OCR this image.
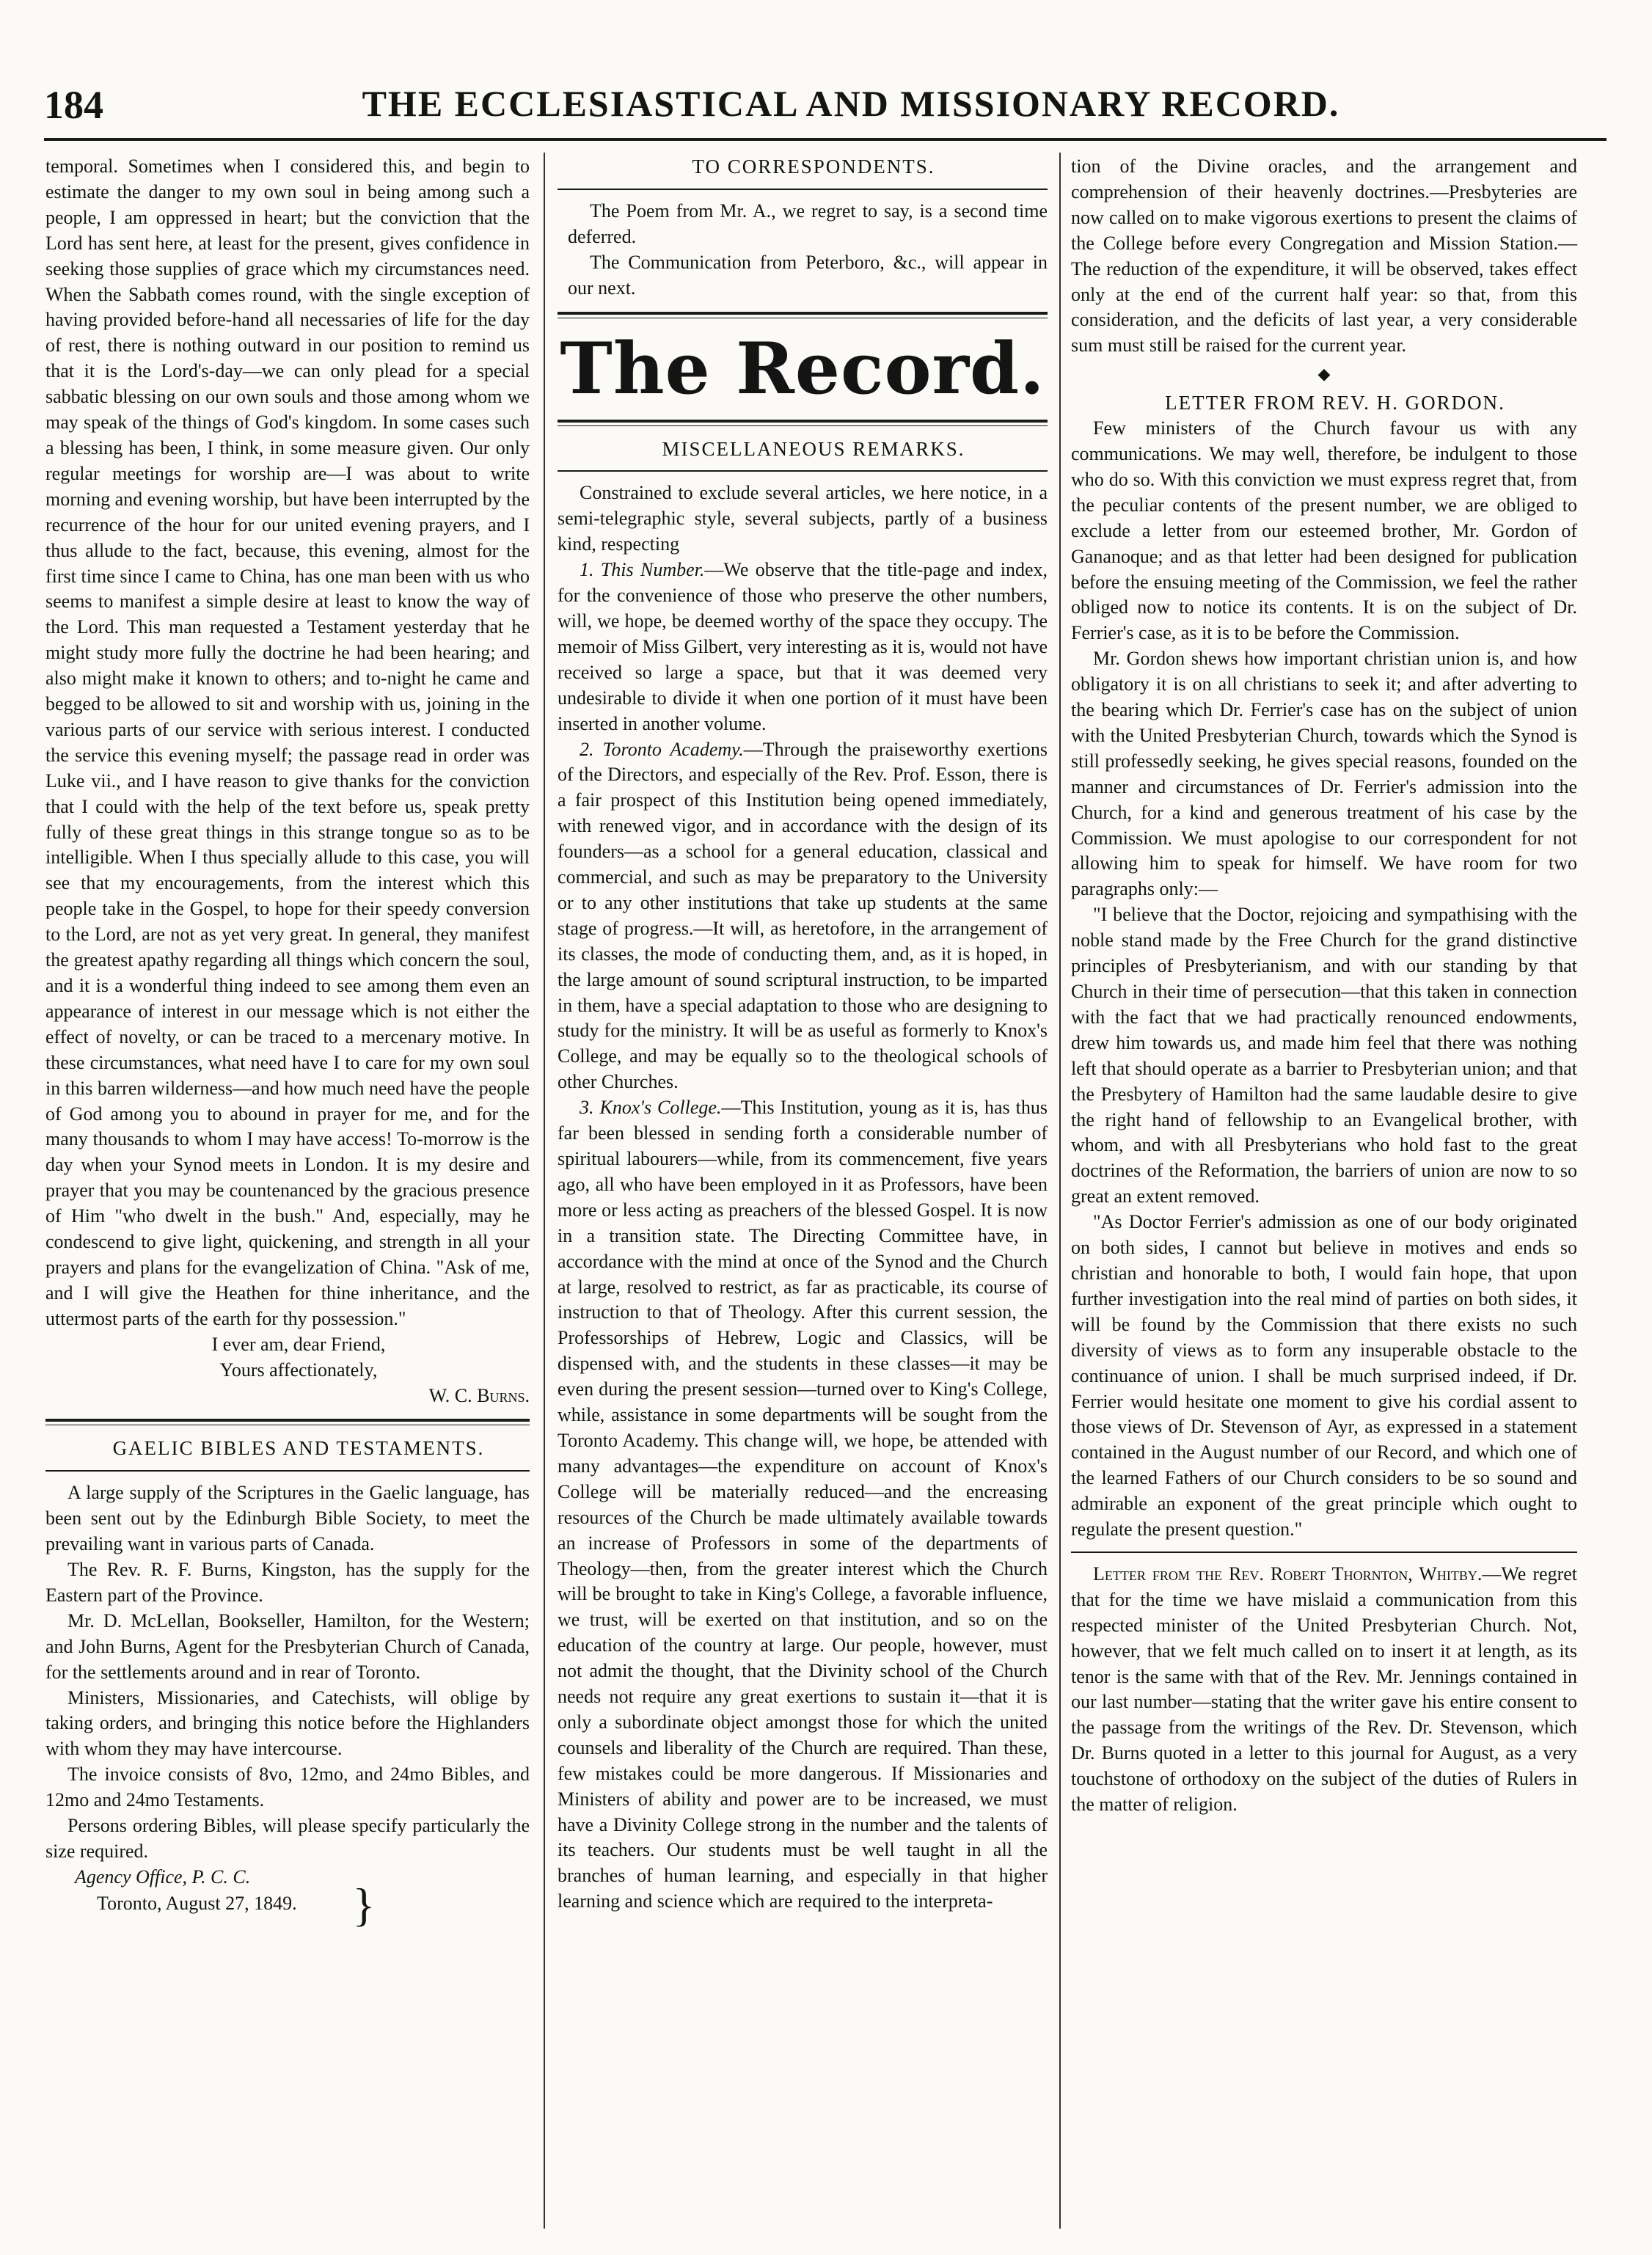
184	THE ECCLESIASTICAL AND MISSIONARY RECORD.

temporal. Sometimes when I considered this, and begin to estimate the danger to my own soul in being among such a people, I am oppressed in heart; but the conviction that the Lord has sent here, at least for the present, gives confidence in seeking those supplies of grace which my circumstances need. When the Sabbath comes round, with the single exception of having provided before-hand all necessaries of life for the day of rest, there is nothing outward in our position to remind us that it is the Lord's-day—we can only plead for a special sabbatic blessing on our own souls and those among whom we may speak of the things of God's kingdom. In some cases such a blessing has been, I think, in some measure given. Our only regular meetings for worship are—I was about to write morning and evening worship, but have been interrupted by the recurrence of the hour for our united evening prayers, and I thus allude to the fact, because, this evening, almost for the first time since I came to China, has one man been with us who seems to manifest a simple desire at least to know the way of the Lord. This man requested a Testament yesterday that he might study more fully the doctrine he had been hearing; and also might make it known to others; and to-night he came and begged to be allowed to sit and worship with us, joining in the various parts of our service with serious interest. I conducted the service this evening myself; the passage read in order was Luke vii., and I have reason to give thanks for the conviction that I could with the help of the text before us, speak pretty fully of these great things in this strange tongue so as to be intelligible. When I thus specially allude to this case, you will see that my encouragements, from the interest which this people take in the Gospel, to hope for their speedy conversion to the Lord, are not as yet very great. In general, they manifest the greatest apathy regarding all things which concern the soul, and it is a wonderful thing indeed to see among them even an appearance of interest in our message which is not either the effect of novelty, or can be traced to a mercenary motive. In these circumstances, what need have I to care for my own soul in this barren wilderness—and how much need have the people of God among you to abound in prayer for me, and for the many thousands to whom I may have access! To-morrow is the day when your Synod meets in London. It is my desire and prayer that you may be countenanced by the gracious presence of Him "who dwelt in the bush." And, especially, may he condescend to give light, quickening, and strength in all your prayers and plans for the evangelization of China. "Ask of me, and I will give the Heathen for thine inheritance, and the uttermost parts of the earth for thy possession."

I ever am, dear Friend,

Yours affectionately,

W. C. Burns.

GAELIC BIBLES AND TESTAMENTS.

A large supply of the Scriptures in the Gaelic language, has been sent out by the Edinburgh Bible Society, to meet the prevailing want in various parts of Canada.

The Rev. R. F. Burns, Kingston, has the supply for the Eastern part of the Province.

Mr. D. McLellan, Bookseller, Hamilton, for the Western; and John Burns, Agent for the Presbyterian Church of Canada, for the settlements around and in rear of Toronto.

Ministers, Missionaries, and Catechists, will oblige by taking orders, and bringing this notice before the Highlanders with whom they may have intercourse.

The invoice consists of 8vo, 12mo, and 24mo Bibles, and 12mo and 24mo Testaments.

Persons ordering Bibles, will please specify particularly the size required.

Agency Office, P. C. C.

Toronto, August 27, 1849. }

TO CORRESPONDENTS.

The Poem from Mr. A., we regret to say, is a second time deferred.

The Communication from Peterboro, &c., will appear in our next.

The Record.

MISCELLANEOUS REMARKS.

Constrained to exclude several articles, we here notice, in a semi-telegraphic style, several subjects, partly of a business kind, respecting

1. This Number.—We observe that the title-page and index, for the convenience of those who preserve the other numbers, will, we hope, be deemed worthy of the space they occupy. The memoir of Miss Gilbert, very interesting as it is, would not have received so large a space, but that it was deemed very undesirable to divide it when one portion of it must have been inserted in another volume.

2. Toronto Academy.—Through the praiseworthy exertions of the Directors, and especially of the Rev. Prof. Esson, there is a fair prospect of this Institution being opened immediately, with renewed vigor, and in accordance with the design of its founders—as a school for a general education, classical and commercial, and such as may be preparatory to the University or to any other institutions that take up students at the same stage of progress.—It will, as heretofore, in the arrangement of its classes, the mode of conducting them, and, as it is hoped, in the large amount of sound scriptural instruction, to be imparted in them, have a special adaptation to those who are designing to study for the ministry. It will be as useful as formerly to Knox's College, and may be equally so to the theological schools of other Churches.

3. Knox's College.—This Institution, young as it is, has thus far been blessed in sending forth a considerable number of spiritual labourers—while, from its commencement, five years ago, all who have been employed in it as Professors, have been more or less acting as preachers of the blessed Gospel. It is now in a transition state. The Directing Committee have, in accordance with the mind at once of the Synod and the Church at large, resolved to restrict, as far as practicable, its course of instruction to that of Theology. After this current session, the Professorships of Hebrew, Logic and Classics, will be dispensed with, and the students in these classes—it may be even during the present session—turned over to King's College, while, assistance in some departments will be sought from the Toronto Academy. This change will, we hope, be attended with many advantages—the expenditure on account of Knox's College will be materially reduced—and the encreasing resources of the Church be made ultimately available towards an increase of Professors in some of the departments of Theology—then, from the greater interest which the Church will be brought to take in King's College, a favorable influence, we trust, will be exerted on that institution, and so on the education of the country at large. Our people, however, must not admit the thought, that the Divinity school of the Church needs not require any great exertions to sustain it—that it is only a subordinate object amongst those for which the united counsels and liberality of the Church are required. Than these, few mistakes could be more dangerous. If Missionaries and Ministers of ability and power are to be increased, we must have a Divinity College strong in the number and the talents of its teachers. Our students must be well taught in all the branches of human learning, and especially in that higher learning and science which are required to the interpreta-

tion of the Divine oracles, and the arrangement and comprehension of their heavenly doctrines.—Presbyteries are now called on to make vigorous exertions to present the claims of the College before every Congregation and Mission Station.—The reduction of the expenditure, it will be observed, takes effect only at the end of the current half year: so that, from this consideration, and the deficits of last year, a very considerable sum must still be raised for the current year.

◆

LETTER FROM REV. H. GORDON.

Few ministers of the Church favour us with any communications. We may well, therefore, be indulgent to those who do so. With this conviction we must express regret that, from the peculiar contents of the present number, we are obliged to exclude a letter from our esteemed brother, Mr. Gordon of Gananoque; and as that letter had been designed for publication before the ensuing meeting of the Commission, we feel the rather obliged now to notice its contents. It is on the subject of Dr. Ferrier's case, as it is to be before the Commission.

Mr. Gordon shews how important christian union is, and how obligatory it is on all christians to seek it; and after adverting to the bearing which Dr. Ferrier's case has on the subject of union with the United Presbyterian Church, towards which the Synod is still professedly seeking, he gives special reasons, founded on the manner and circumstances of Dr. Ferrier's admission into the Church, for a kind and generous treatment of his case by the Commission. We must apologise to our correspondent for not allowing him to speak for himself. We have room for two paragraphs only:—

"I believe that the Doctor, rejoicing and sympathising with the noble stand made by the Free Church for the grand distinctive principles of Presbyterianism, and with our standing by that Church in their time of persecution—that this taken in connection with the fact that we had practically renounced endowments, drew him towards us, and made him feel that there was nothing left that should operate as a barrier to Presbyterian union; and that the Presbytery of Hamilton had the same laudable desire to give the right hand of fellowship to an Evangelical brother, with whom, and with all Presbyterians who hold fast to the great doctrines of the Reformation, the barriers of union are now to so great an extent removed.

"As Doctor Ferrier's admission as one of our body originated on both sides, I cannot but believe in motives and ends so christian and honorable to both, I would fain hope, that upon further investigation into the real mind of parties on both sides, it will be found by the Commission that there exists no such diversity of views as to form any insuperable obstacle to the continuance of union. I shall be much surprised indeed, if Dr. Ferrier would hesitate one moment to give his cordial assent to those views of Dr. Stevenson of Ayr, as expressed in a statement contained in the August number of our Record, and which one of the learned Fathers of our Church considers to be so sound and admirable an exponent of the great principle which ought to regulate the present question."

Letter from the Rev. Robert Thornton, Whitby.—We regret that for the time we have mislaid a communication from this respected minister of the United Presbyterian Church. Not, however, that we felt much called on to insert it at length, as its tenor is the same with that of the Rev. Mr. Jennings contained in our last number—stating that the writer gave his entire consent to the passage from the writings of the Rev. Dr. Stevenson, which Dr. Burns quoted in a letter to this journal for August, as a very touchstone of orthodoxy on the subject of the duties of Rulers in the matter of religion.
